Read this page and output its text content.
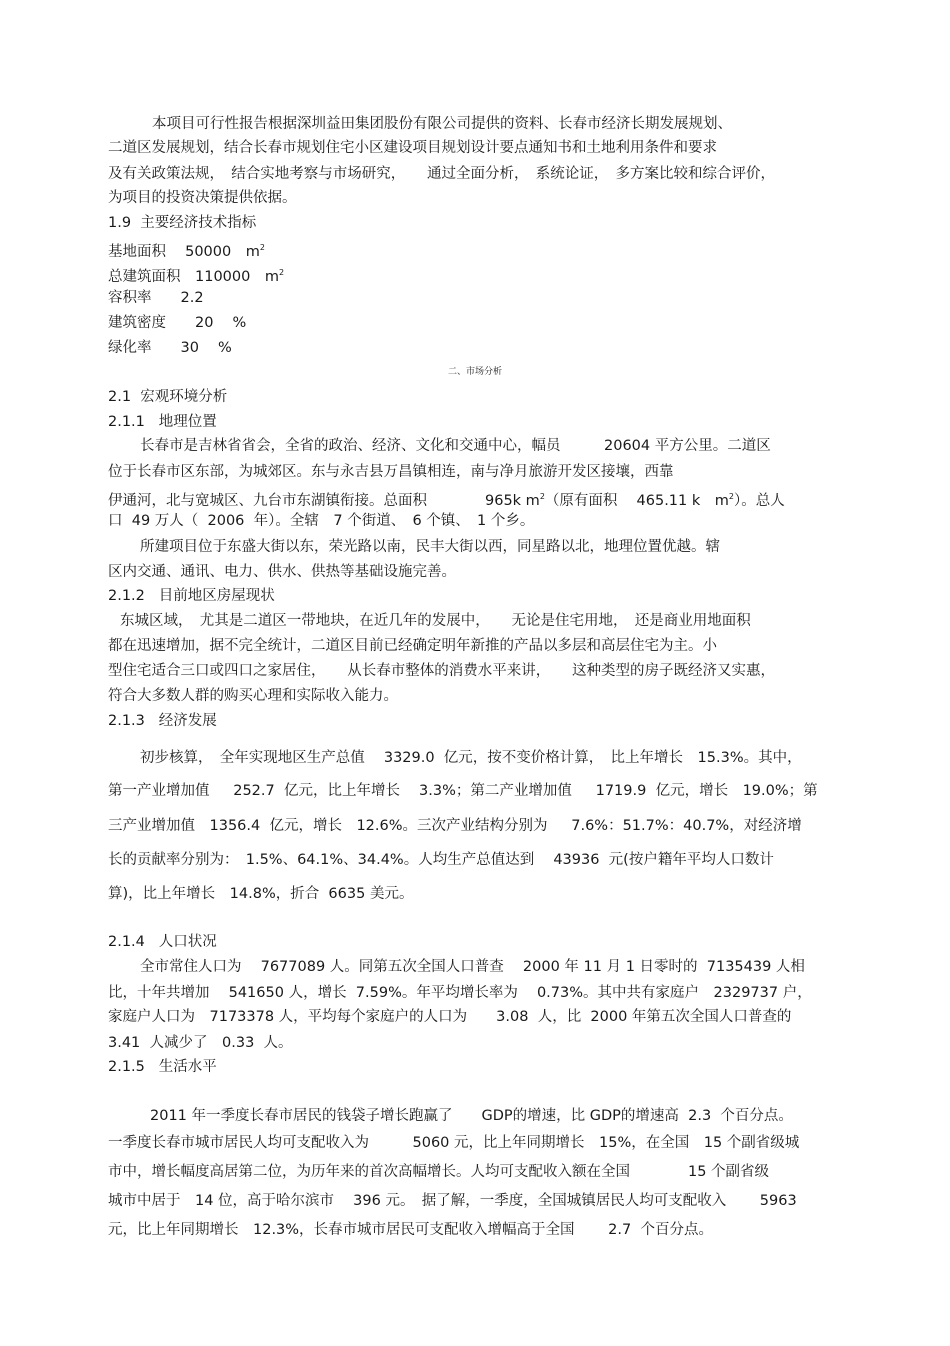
本项目可行性报告根据深圳益田集团股份有限公司提供的资料、长春市经济长期发展规划、
二道区发展规划，结合长春市规划住宅小区建设项目规划设计要点通知书和土地利用条件和要求
及有关政策法规，　结合实地考察与市场研究，　　通过全面分析，　系统论证，　多方案比较和综合评价，
为项目的投资决策提供依据。
1.9  主要经济技术指标
基地面积　 50000　$m^2$
总建筑面积　110000　$m^2$
容积率　　2.2
建筑密度　　20　 %
绿化率　　30　 %
二、市场分析
2.1  宏观环境分析
2.1.1   地理位置
长春市是吉林省省会，全省的政治、经济、文化和交通中心，幅员　　　20604 平方公里。二道区
位于长春市区东部，为城郊区。东与永吉县万昌镇相连，南与净月旅游开发区接壤，西靠
伊通河，北与宽城区、九台市东湖镇衔接。总面积　　　　965k $m^2$（原有面积　 465.11 k　$m^2$）。总人
口  49 万人（  2006  年）。全辖　7 个街道、　6 个镇、　1 个乡。
所建项目位于东盛大街以东，荣光路以南，民丰大街以西，同星路以北，地理位置优越。辖
区内交通、通讯、电力、供水、供热等基础设施完善。
2.1.2   目前地区房屋现状
东城区域，　尤其是二道区一带地块，在近几年的发展中，　　无论是住宅用地，　还是商业用地面积
都在迅速增加，据不完全统计，二道区目前已经确定明年新推的产品以多层和高层住宅为主。小
型住宅适合三口或四口之家居住，　　从长春市整体的消费水平来讲，　　这种类型的房子既经济又实惠，
符合大多数人群的购买心理和实际收入能力。
2.1.3   经济发展
初步核算，　全年实现地区生产总值　 3329.0  亿元，按不变价格计算，　比上年增长　15.3%。其中，
第一产业增加值　  252.7  亿元，比上年增长　 3.3%；第二产业增加值　  1719.9  亿元，增长　19.0%；第
三产业增加值　1356.4  亿元，增长　12.6%。三次产业结构分别为　  7.6%：51.7%：40.7%，对经济增
长的贡献率分别为：　1.5%、64.1%、34.4%。人均生产总值达到　 43936  元(按户籍年平均人口数计
算)，比上年增长　14.8%，折合  6635 美元。
2.1.4   人口状况
全市常住人口为　 7677089 人。同第五次全国人口普查　 2000 年 11 月 1 日零时的  7135439 人相
比，十年共增加　 541650 人，增长  7.59%。年平均增长率为　 0.73%。其中共有家庭户　2329737 户，
家庭户人口为　7173378 人，平均每个家庭户的人口为　　3.08  人，比  2000 年第五次全国人口普查的
3.41  人减少了　0.33  人。
2.1.5   生活水平
2011 年一季度长春市居民的钱袋子增长跑赢了　　GDP的增速，比 GDP的增速高  2.3  个百分点。
一季度长春市城市居民人均可支配收入为　　　5060 元，比上年同期增长　15%，在全国　15 个副省级城
市中，增长幅度高居第二位，为历年来的首次高幅增长。人均可支配收入额在全国　　　　15 个副省级
城市中居于　14 位，高于哈尔滨市　 396 元。　据了解，一季度，全国城镇居民人均可支配收入　　 5963
元，比上年同期增长　12.3%，长春市城市居民可支配收入增幅高于全国　　 2.7  个百分点。
